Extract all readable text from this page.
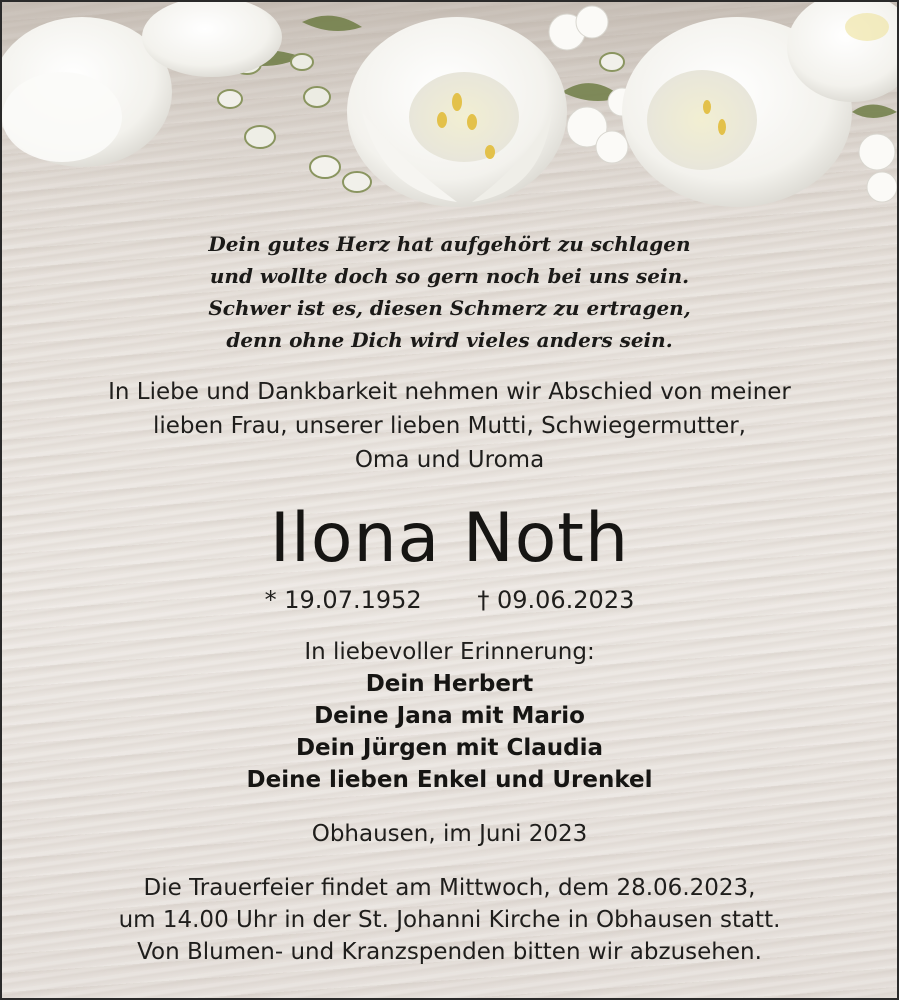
Dein gutes Herz hat aufgehört zu schlagen
und wollte doch so gern noch bei uns sein.
Schwer ist es, diesen Schmerz zu ertragen,
denn ohne Dich wird vieles anders sein.
In Liebe und Dankbarkeit nehmen wir Abschied von meiner
lieben Frau, unserer lieben Mutti, Schwiegermutter,
Oma und Uroma
Ilona Noth
* 19.07.1952 † 09.06.2023
In liebevoller Erinnerung:
Dein Herbert
Deine Jana mit Mario
Dein Jürgen mit Claudia
Deine lieben Enkel und Urenkel
Obhausen, im Juni 2023
Die Trauerfeier findet am Mittwoch, dem 28.06.2023,
um 14.00 Uhr in der St. Johanni Kirche in Obhausen statt.
Von Blumen- und Kranzspenden bitten wir abzusehen.
